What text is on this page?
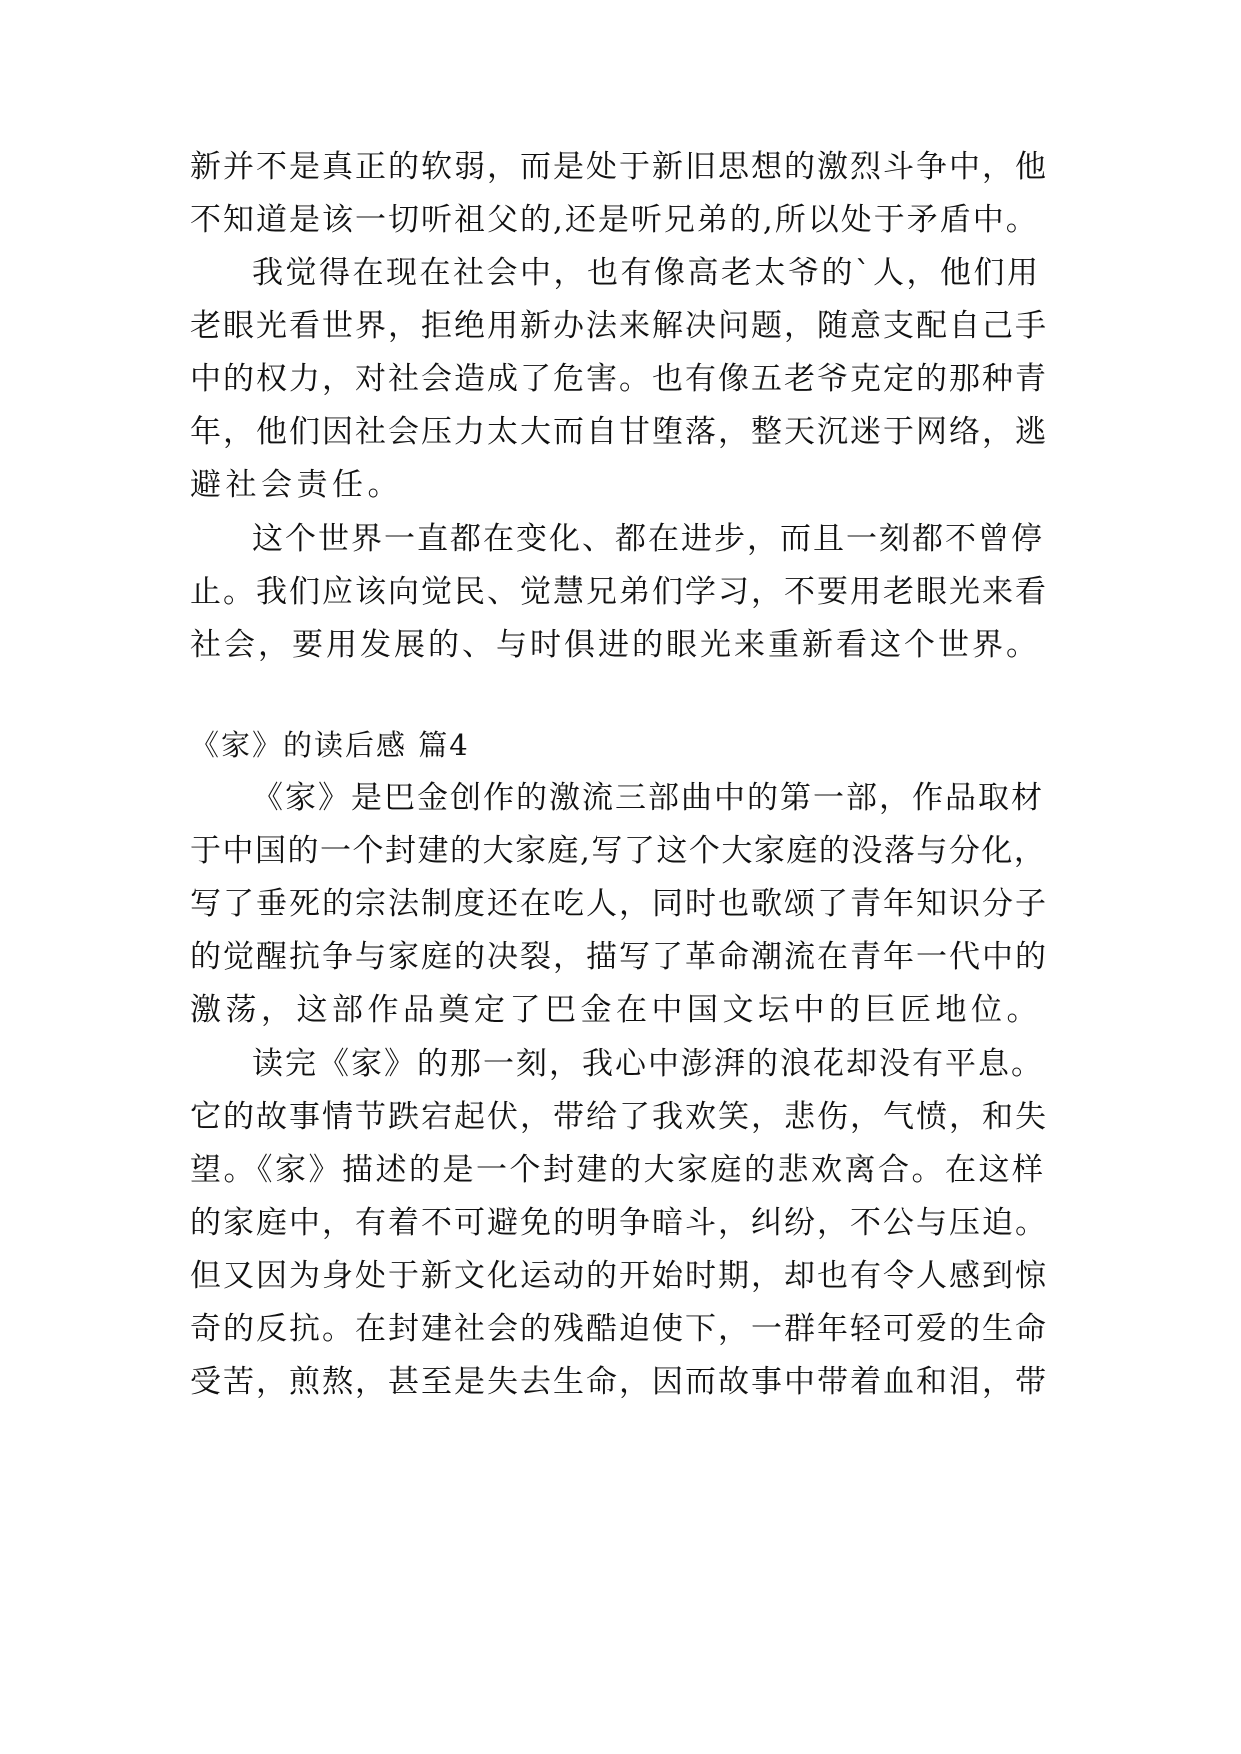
新并不是真正的软弱，而是处于新旧思想的激烈斗争中，他
不知道是该一切听祖父的,还是听兄弟的,所以处于矛盾中。
我觉得在现在社会中，也有像高老太爷的`人，他们用
老眼光看世界，拒绝用新办法来解决问题，随意支配自己手
中的权力，对社会造成了危害。也有像五老爷克定的那种青
年，他们因社会压力太大而自甘堕落，整天沉迷于网络，逃
避社会责任。
这个世界一直都在变化、都在进步，而且一刻都不曾停
止。我们应该向觉民、觉慧兄弟们学习，不要用老眼光来看
社会，要用发展的、与时俱进的眼光来重新看这个世界。
《家》的读后感 篇4
《家》是巴金创作的激流三部曲中的第一部，作品取材
于中国的一个封建的大家庭,写了这个大家庭的没落与分化，
写了垂死的宗法制度还在吃人，同时也歌颂了青年知识分子
的觉醒抗争与家庭的决裂，描写了革命潮流在青年一代中的
激荡，这部作品奠定了巴金在中国文坛中的巨匠地位。
读完《家》的那一刻，我心中澎湃的浪花却没有平息。
它的故事情节跌宕起伏，带给了我欢笑，悲伤，气愤，和失
望。《家》描述的是一个封建的大家庭的悲欢离合。在这样
的家庭中，有着不可避免的明争暗斗，纠纷，不公与压迫。
但又因为身处于新文化运动的开始时期，却也有令人感到惊
奇的反抗。在封建社会的残酷迫使下，一群年轻可爱的生命
受苦，煎熬，甚至是失去生命，因而故事中带着血和泪，带
